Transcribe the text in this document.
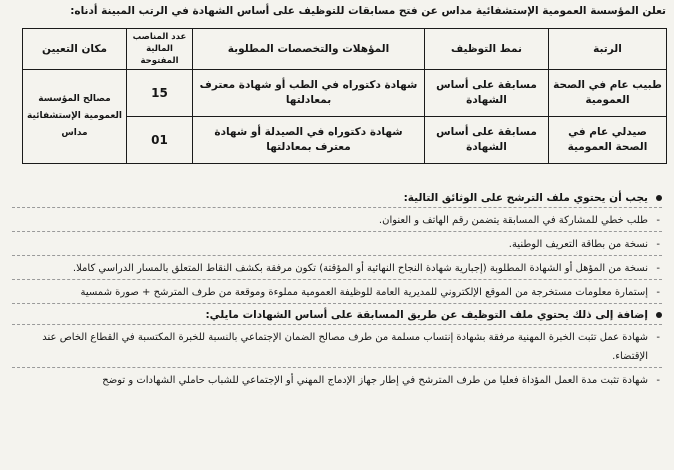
تعلن المؤسسة العمومية الإستشفائية مداس عن فتح مسابقات للتوظيف على أساس الشهادة في الرتب المبينة أدناه:
الرتبة	نمط التوظيف	المؤهلات والتخصصات المطلوبة	عدد المناصب المالية المفتوحة	مكان التعيين
طبيب عام في الصحة العمومية	مسابقة على أساس الشهادة	شهادة دكتوراه في الطب أو شهادة معترف بمعادلتها	15	مصالح المؤسسة العمومية الإستشفائية مداس
صيدلي عام في الصحة العمومية	مسابقة على أساس الشهادة	شهادة دكتوراه في الصيدلة أو شهادة معترف بمعادلتها	01	
يجب أن يحتوي ملف الترشح على الوثائق التالية:
-
طلب خطي للمشاركة في المسابقة يتضمن رقم الهاتف و العنوان.
-
نسخة من بطاقة التعريف الوطنية.
-
نسخة من المؤهل أو الشهادة المطلوبة (إجبارية شهادة النجاح النهائية أو المؤقتة) تكون مرفقة بكشف النقاط المتعلق بالمسار الدراسي كاملا.
-
إستمارة معلومات مستخرجة من الموقع الإلكتروني للمديرية العامة للوظيفة العمومية مملوءة وموقعة من طرف المترشح + صورة شمسية
إضافة إلى ذلك يحتوي ملف التوظيف عن طريق المسابقة على أساس الشهادات مايلي:
-
شهادة عمل تثبت الخبرة المهنية مرفقة بشهادة إنتساب مسلمة من طرف مصالح الضمان الإجتماعي بالنسبة للخبرة المكتسبة في القطاع الخاص عند الإقتضاء.
-
شهادة تثبت مدة العمل المؤداة فعليا من طرف المترشح في إطار جهاز الإدماج المهني أو الإجتماعي للشباب حاملي الشهادات و توضح
